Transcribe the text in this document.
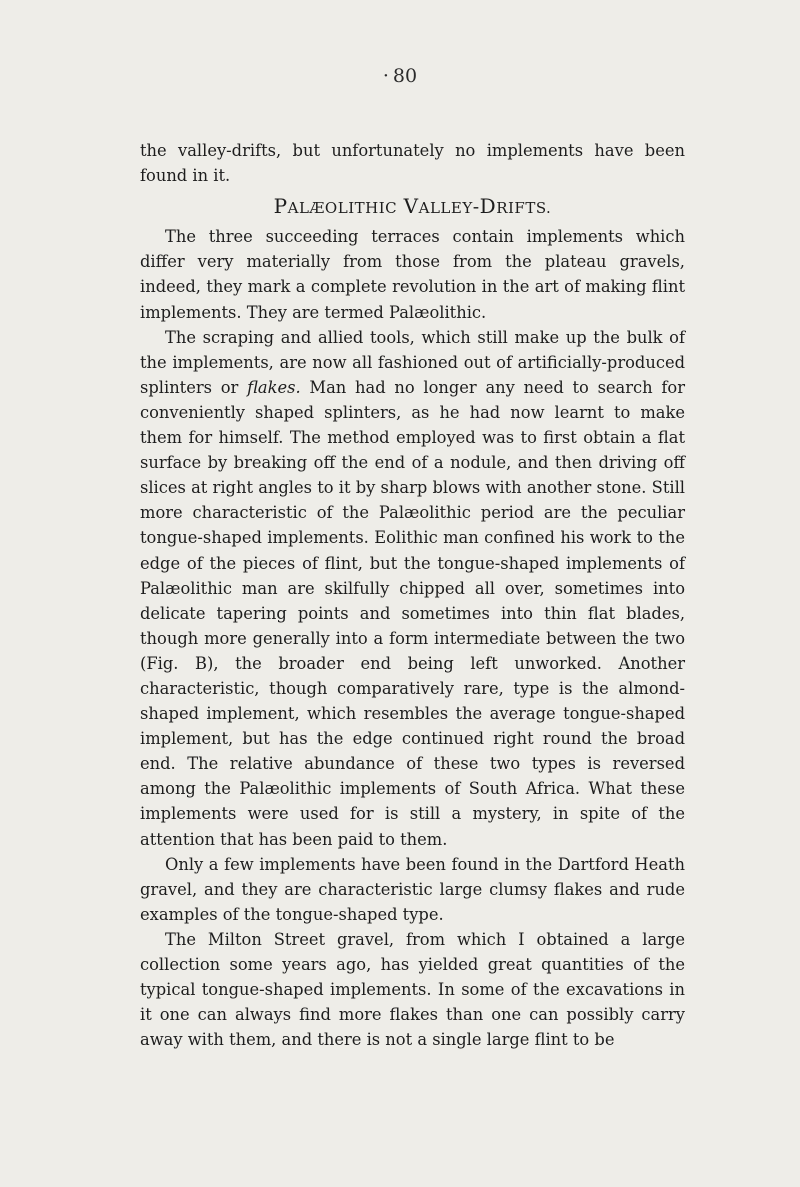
· 80

the valley-drifts, but unfortunately no implements have been found in it.

PALÆOLITHIC VALLEY-DRIFTS.

The three succeeding terraces contain implements which differ very materially from those from the plateau gravels, indeed, they mark a complete revolution in the art of making flint implements. They are termed Palæolithic.

The scraping and allied tools, which still make up the bulk of the implements, are now all fashioned out of artificially-produced splinters or flakes. Man had no longer any need to search for conveniently shaped splinters, as he had now learnt to make them for himself. The method employed was to first obtain a flat surface by breaking off the end of a nodule, and then driving off slices at right angles to it by sharp blows with another stone. Still more characteristic of the Palæolithic period are the peculiar tongue-shaped implements. Eolithic man confined his work to the edge of the pieces of flint, but the tongue-shaped implements of Palæolithic man are skilfully chipped all over, sometimes into delicate tapering points and sometimes into thin flat blades, though more generally into a form intermediate between the two (Fig. B), the broader end being left unworked. Another characteristic, though comparatively rare, type is the almond-shaped implement, which resembles the average tongue-shaped implement, but has the edge continued right round the broad end. The relative abundance of these two types is reversed among the Palæolithic implements of South Africa. What these implements were used for is still a mystery, in spite of the attention that has been paid to them.

Only a few implements have been found in the Dartford Heath gravel, and they are characteristic large clumsy flakes and rude examples of the tongue-shaped type.

The Milton Street gravel, from which I obtained a large collection some years ago, has yielded great quantities of the typical tongue-shaped implements. In some of the excavations in it one can always find more flakes than one can possibly carry away with them, and there is not a single large flint to be
